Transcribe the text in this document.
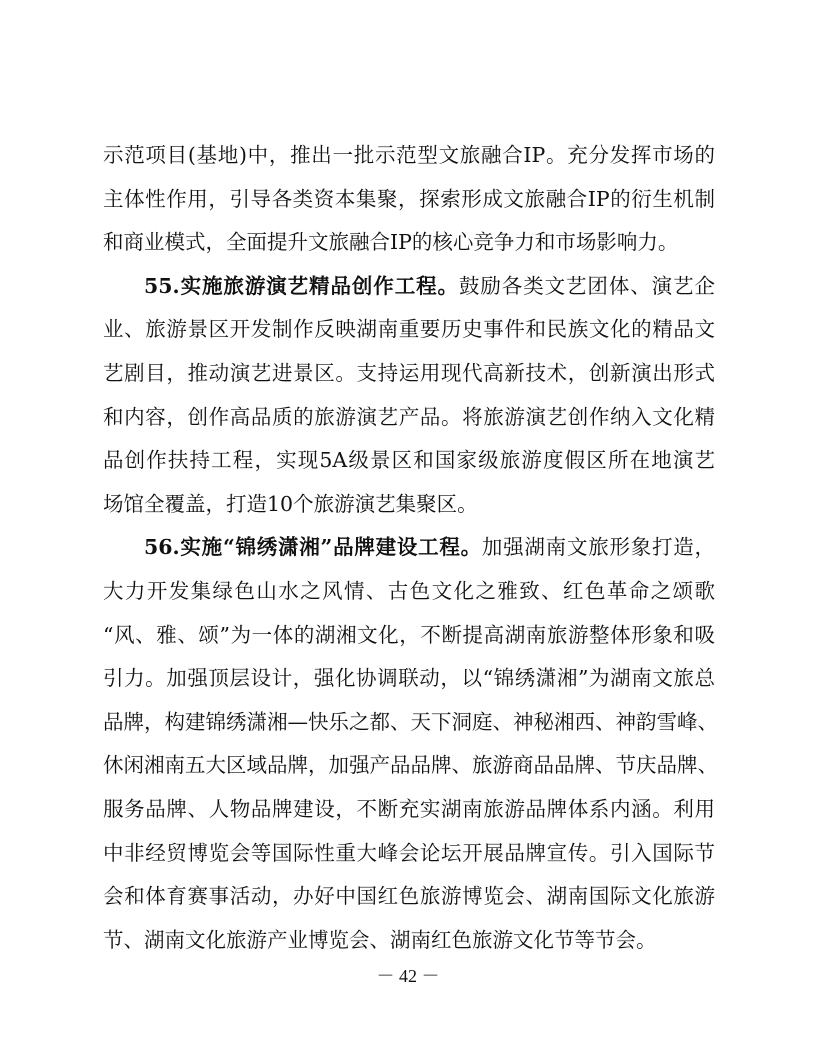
示范项目(基地)中，推出一批示范型文旅融合IP。充分发挥市场的
主体性作用，引导各类资本集聚，探索形成文旅融合IP的衍生机制
和商业模式，全面提升文旅融合IP的核心竞争力和市场影响力。
55.实施旅游演艺精品创作工程。鼓励各类文艺团体、演艺企
业、旅游景区开发制作反映湖南重要历史事件和民族文化的精品文
艺剧目，推动演艺进景区。支持运用现代高新技术，创新演出形式
和内容，创作高品质的旅游演艺产品。将旅游演艺创作纳入文化精
品创作扶持工程，实现5A级景区和国家级旅游度假区所在地演艺
场馆全覆盖，打造10个旅游演艺集聚区。
56.实施“锦绣潇湘”品牌建设工程。加强湖南文旅形象打造，
大力开发集绿色山水之风情、古色文化之雅致、红色革命之颂歌
“风、雅、颂”为一体的湖湘文化，不断提高湖南旅游整体形象和吸
引力。加强顶层设计，强化协调联动，以“锦绣潇湘”为湖南文旅总
品牌，构建锦绣潇湘—快乐之都、天下洞庭、神秘湘西、神韵雪峰、
休闲湘南五大区域品牌，加强产品品牌、旅游商品品牌、节庆品牌、
服务品牌、人物品牌建设，不断充实湖南旅游品牌体系内涵。利用
中非经贸博览会等国际性重大峰会论坛开展品牌宣传。引入国际节
会和体育赛事活动，办好中国红色旅游博览会、湖南国际文化旅游
节、湖南文化旅游产业博览会、湖南红色旅游文化节等节会。
－ 42 －
